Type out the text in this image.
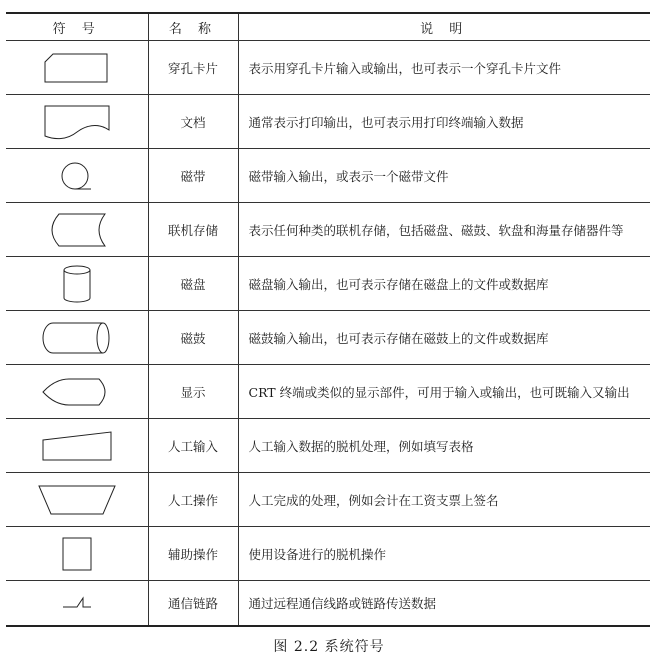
符 号	名 称	说 明

	穿孔卡片	表示用穿孔卡片输入或输出，也可表示一个穿孔卡片文件

	文档	通常表示打印输出，也可表示用打印终端输入数据

	磁带	磁带输入输出，或表示一个磁带文件

	联机存储	表示任何种类的联机存储，包括磁盘、磁鼓、软盘和海量存储器件等

	磁盘	磁盘输入输出，也可表示存储在磁盘上的文件或数据库

	磁鼓	磁鼓输入输出，也可表示存储在磁鼓上的文件或数据库

	显示	CRT 终端或类似的显示部件，可用于输入或输出，也可既输入又输出

	人工输入	人工输入数据的脱机处理，例如填写表格

	人工操作	人工完成的处理，例如会计在工资支票上签名

	辅助操作	使用设备进行的脱机操作

	通信链路	通过远程通信线路或链路传送数据
图 2.2 系统符号
